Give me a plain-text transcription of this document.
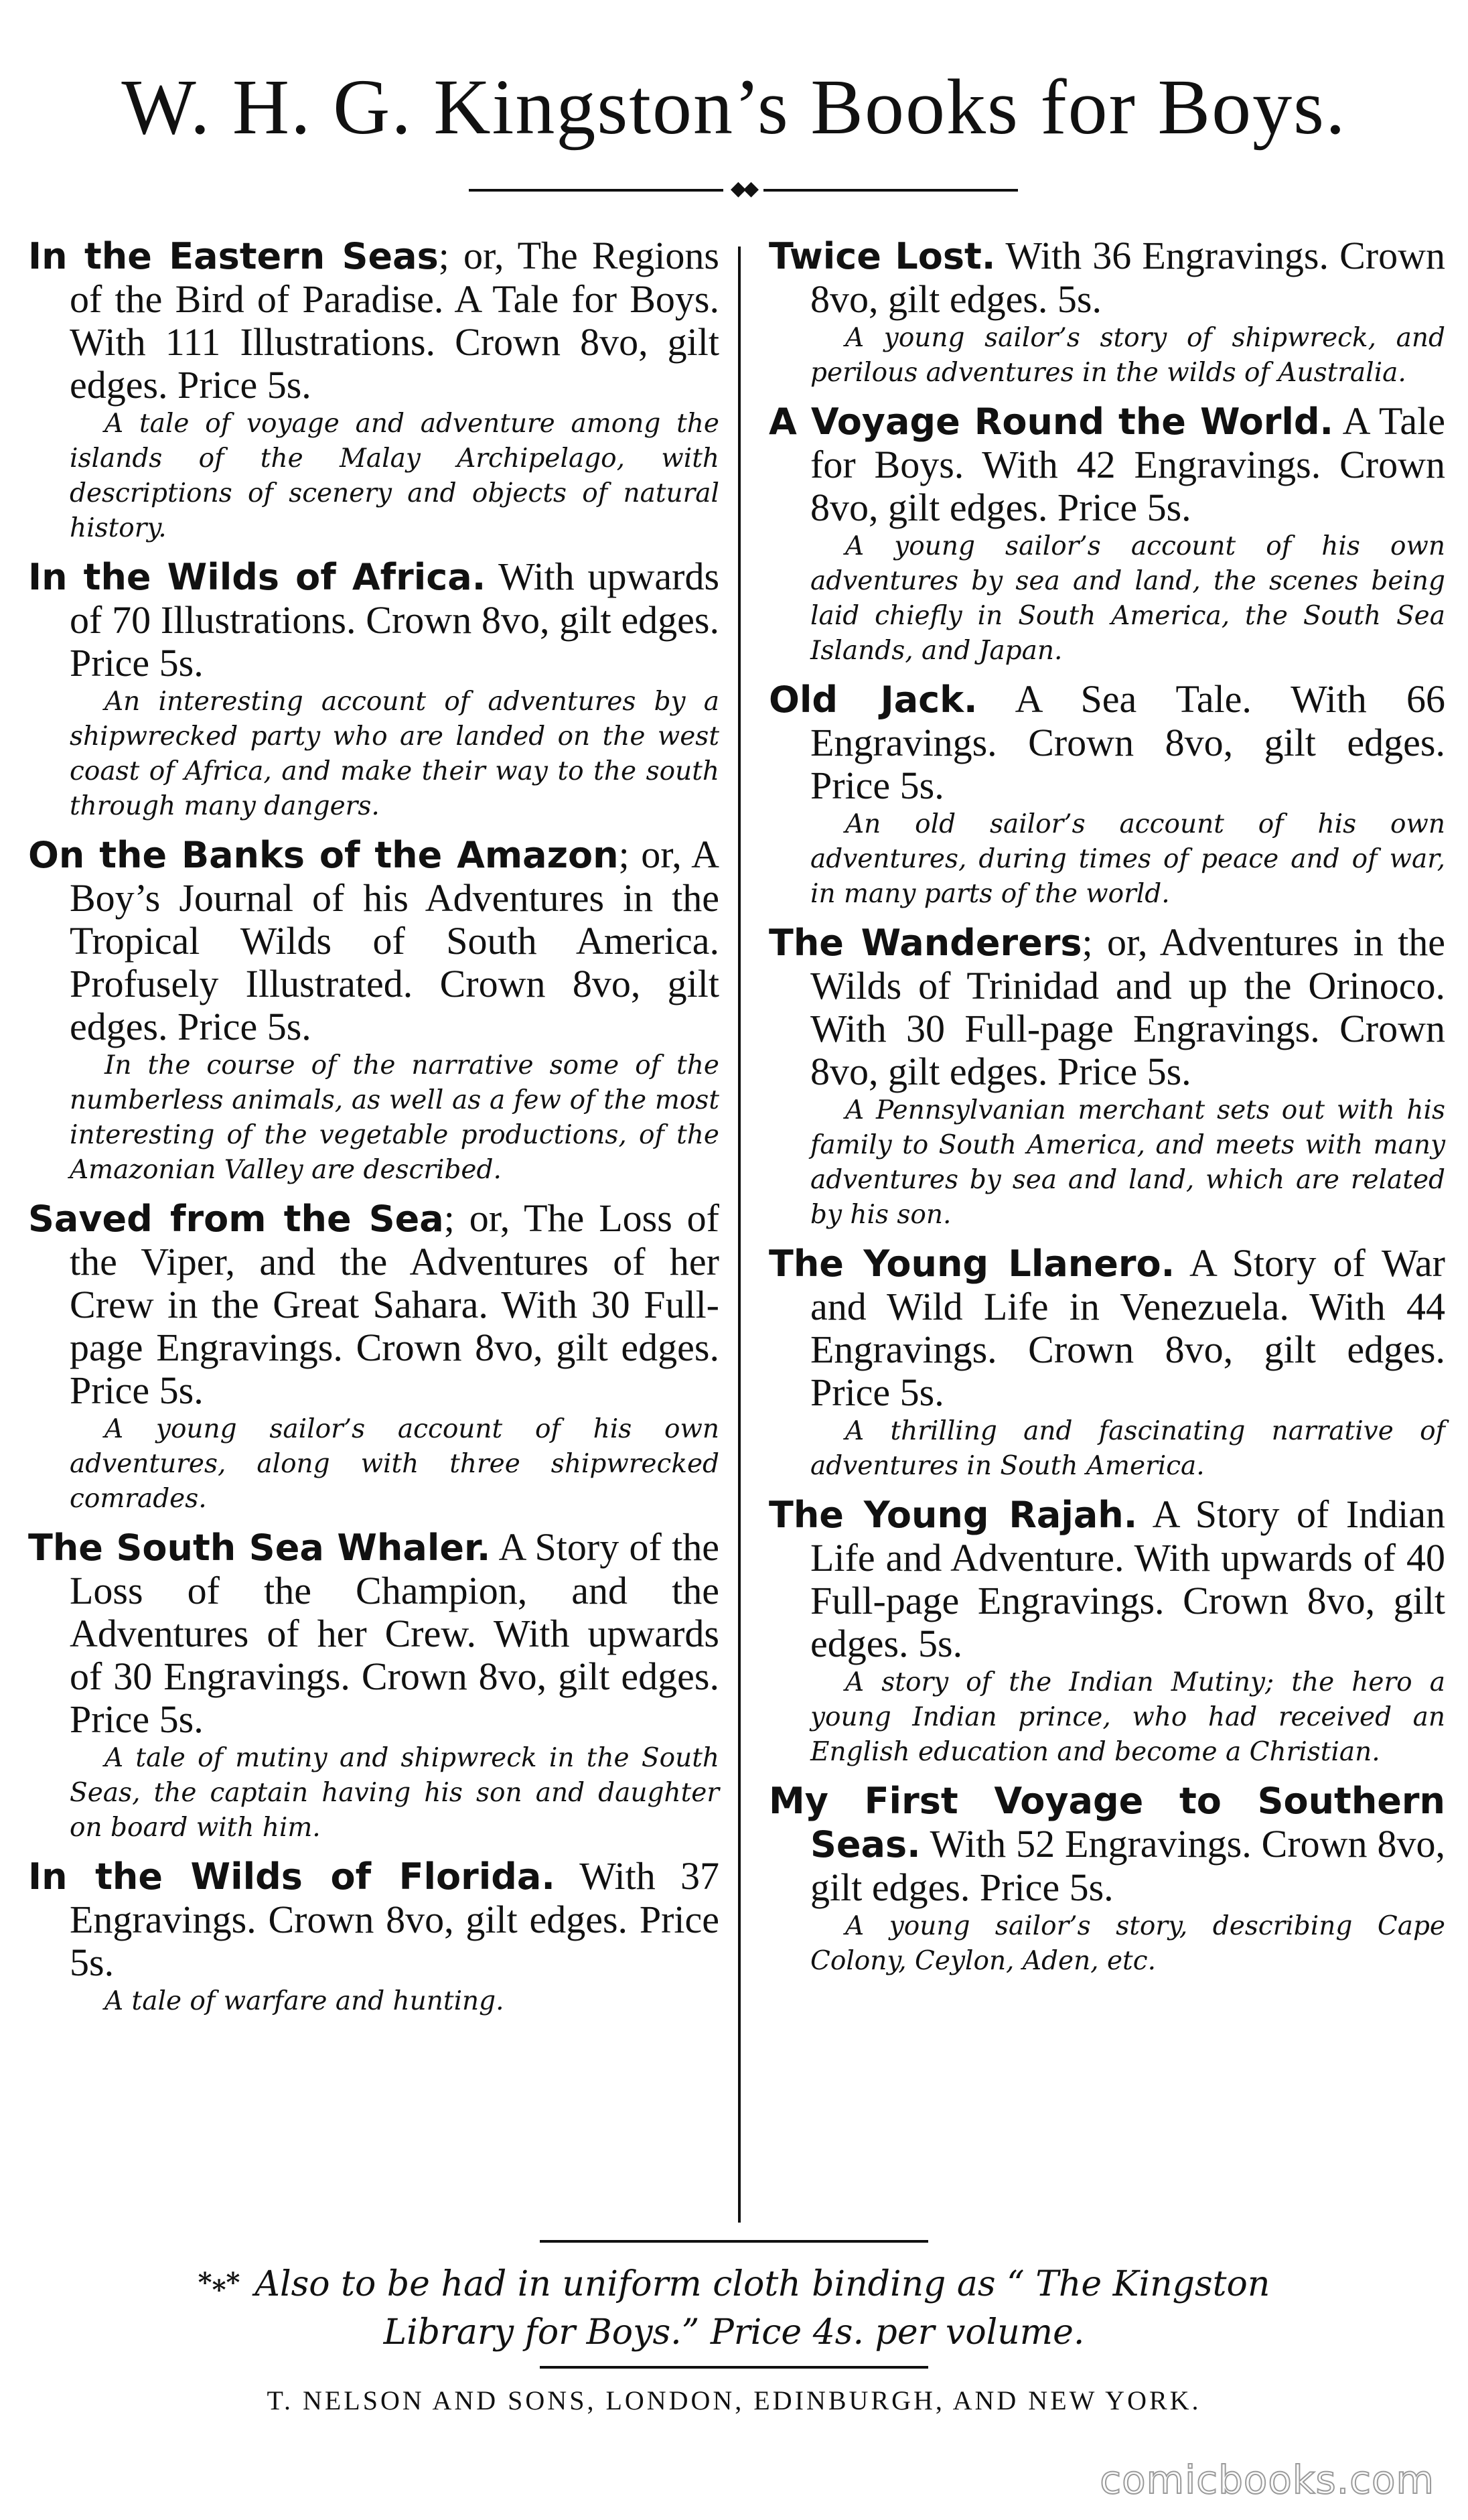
W. H. G. Kingston’s Books for Boys.
◆◆
In the Eastern Seas; or, The Regions of the Bird of Paradise. A Tale for Boys. With 111 Illustrations. Crown 8vo, gilt edges. Price 5s.
A tale of voyage and adventure among the islands of the Malay Archipelago, with descriptions of scenery and objects of natural history.
In the Wilds of Africa. With upwards of 70 Illustrations. Crown 8vo, gilt edges. Price 5s.
An interesting account of adventures by a shipwrecked party who are landed on the west coast of Africa, and make their way to the south through many dangers.
On the Banks of the Amazon; or, A Boy’s Journal of his Adventures in the Tropical Wilds of South America. Profusely Illustrated. Crown 8vo, gilt edges. Price 5s.
In the course of the narrative some of the numberless animals, as well as a few of the most interesting of the vegetable productions, of the Amazonian Valley are described.
Saved from the Sea; or, The Loss of the Viper, and the Adventures of her Crew in the Great Sahara. With 30 Full-page Engravings. Crown 8vo, gilt edges. Price 5s.
A young sailor’s account of his own adventures, along with three shipwrecked comrades.
The South Sea Whaler. A Story of the Loss of the Champion, and the Adventures of her Crew. With upwards of 30 Engravings. Crown 8vo, gilt edges. Price 5s.
A tale of mutiny and shipwreck in the South Seas, the captain having his son and daughter on board with him.
In the Wilds of Florida. With 37 Engravings. Crown 8vo, gilt edges. Price 5s.
A tale of warfare and hunting.
Twice Lost. With 36 Engravings. Crown 8vo, gilt edges. 5s.
A young sailor’s story of shipwreck, and perilous adventures in the wilds of Australia.
A Voyage Round the World. A Tale for Boys. With 42 Engravings. Crown 8vo, gilt edges. Price 5s.
A young sailor’s account of his own adventures by sea and land, the scenes being laid chiefly in South America, the South Sea Islands, and Japan.
Old Jack. A Sea Tale. With 66 Engravings. Crown 8vo, gilt edges. Price 5s.
An old sailor’s account of his own adventures, during times of peace and of war, in many parts of the world.
The Wanderers; or, Adventures in the Wilds of Trinidad and up the Orinoco. With 30 Full-page Engravings. Crown 8vo, gilt edges. Price 5s.
A Pennsylvanian merchant sets out with his family to South America, and meets with many adventures by sea and land, which are related by his son.
The Young Llanero. A Story of War and Wild Life in Venezuela. With 44 Engravings. Crown 8vo, gilt edges. Price 5s.
A thrilling and fascinating narrative of adventures in South America.
The Young Rajah. A Story of Indian Life and Adventure. With upwards of 40 Full-page Engravings. Crown 8vo, gilt edges. 5s.
A story of the Indian Mutiny; the hero a young Indian prince, who had received an English education and become a Christian.
My First Voyage to Southern Seas. With 52 Engravings. Crown 8vo, gilt edges. Price 5s.
A young sailor’s story, describing Cape Colony, Ceylon, Aden, etc.
*⁎* Also to be had in uniform cloth binding as “ The Kingston
Library for Boys.” Price 4s. per volume.
T. NELSON AND SONS, LONDON, EDINBURGH, AND NEW YORK.
comicbooks.com
